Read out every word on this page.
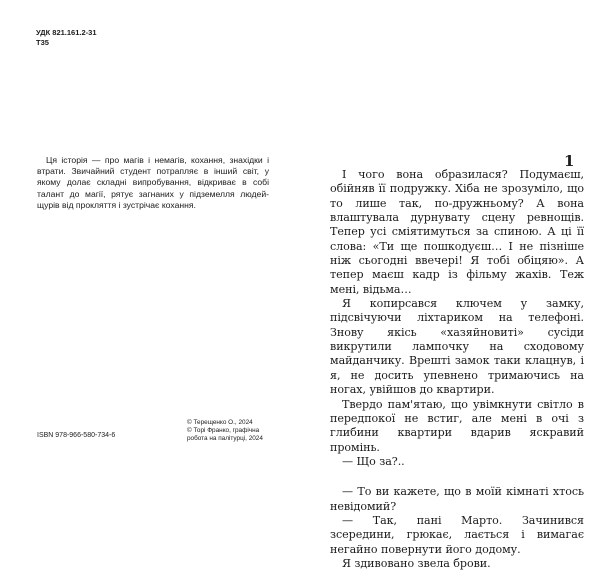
УДК 821.161.2-31
Т35

Ця історія — про магів і немагів, кохання, знахідки і втрати. Звичайний студент потрапляє в інший світ, у якому долає складні випробування, відкриває в собі талант до магії, рятує загнаних у підземелля людей-щурів від прокляття і зустрічає кохання.

ISBN 978-966-580-734-6
© Терещенко О., 2024
© Торі Франко, графічна
робота на палітурці, 2024
1

І чого вона образилася? Подумаєш, обійняв її подружку. Хіба не зрозуміло, що то лише так, по-дружньому? А вона влаштувала дурнувату сцену ревнощів. Тепер усі сміятимуться за спиною. А ці її слова: «Ти ще пошкодуєш… І не пізніше ніж сьогодні ввечері! Я тобі обіцяю». А тепер маєш кадр із фільму жахів. Теж мені, відьма…

Я копирсався ключем у замку, підсвічуючи ліхтариком на телефоні. Знову якісь «хазяйновиті» сусіди викрутили лампочку на сходовому майданчику. Врешті замок таки клацнув, і я, не досить упевнено тримаючись на ногах, увійшов до квартири.

Твердо пам'ятаю, що увімкнути світло в передпокої не встиг, але мені в очі з глибини квартири вдарив яскравий промінь.

— Що за?..

— То ви кажете, що в моїй кімнаті хтось невідомий?

— Так, пані Марто. Зачинився зсередини, грюкає, лається і вимагає негайно повернути його додому.

Я здивовано звела брови.
